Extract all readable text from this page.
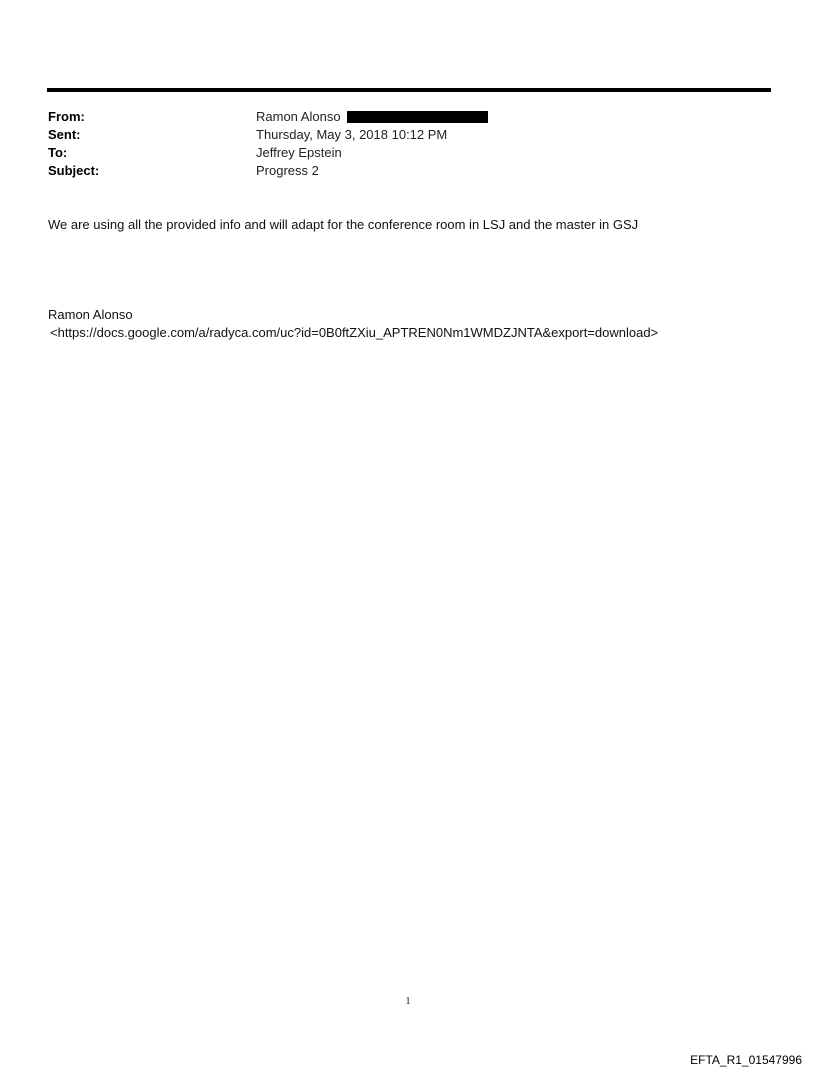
From:	Ramon Alonso
Sent:	Thursday, May 3, 2018 10:12 PM
To:	Jeffrey Epstein
Subject:	Progress 2
We are using all the provided info and will adapt for the conference room in LSJ and the master in GSJ
Ramon Alonso
<https://docs.google.com/a/radyca.com/uc?id=0B0ftZXiu_APTREN0Nm1WMDZJNTA&export=download>
1
EFTA_R1_01547996
